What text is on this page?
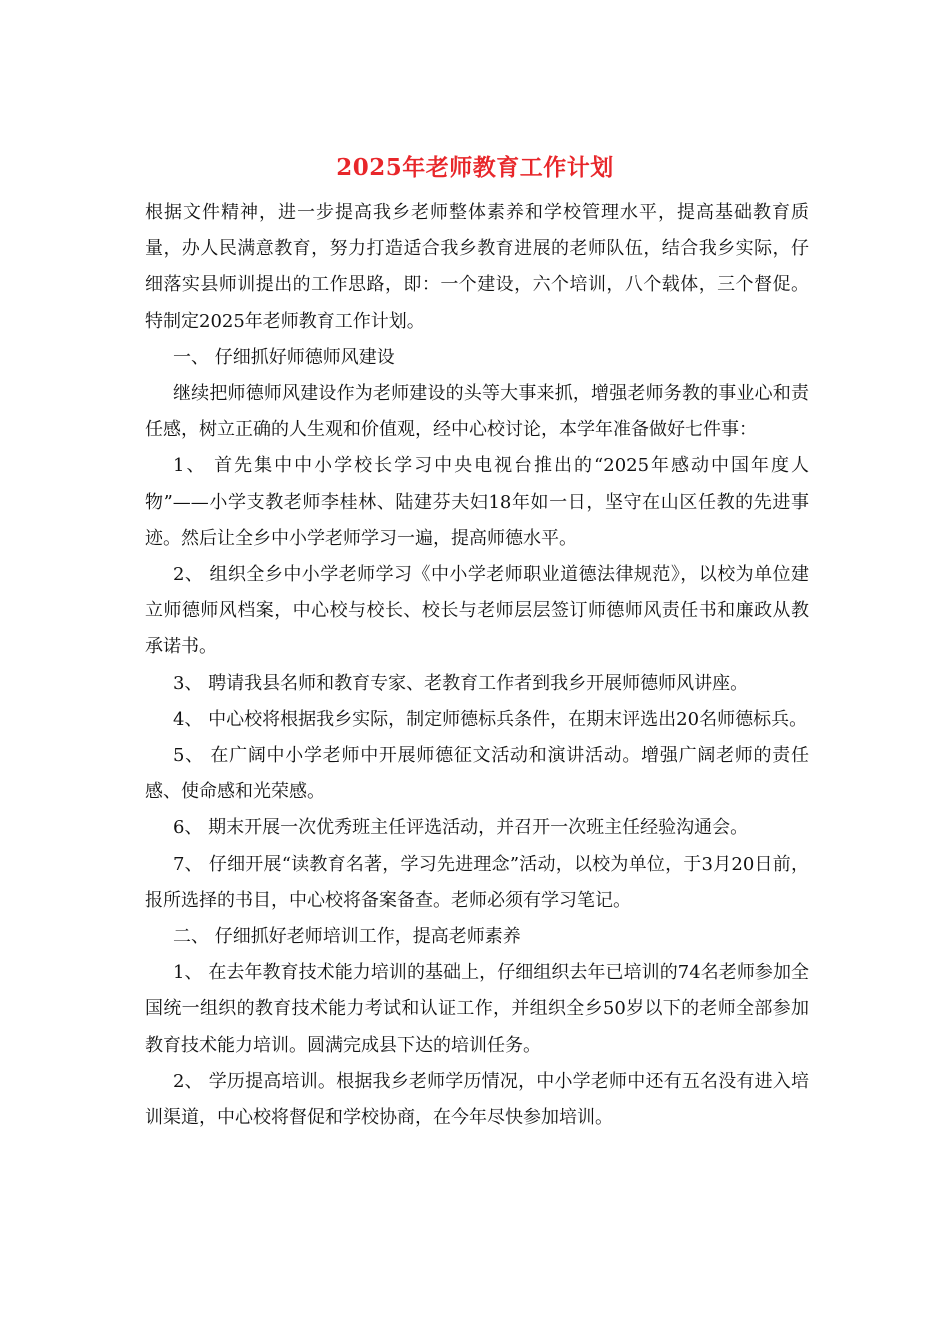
2025年老师教育工作计划

根据文件精神，进一步提高我乡老师整体素养和学校管理水平，提高基础教育质量，办人民满意教育，努力打造适合我乡教育进展的老师队伍，结合我乡实际，仔细落实县师训提出的工作思路，即：一个建设，六个培训，八个载体，三个督促。特制定2025年老师教育工作计划。

一、 仔细抓好师德师风建设

继续把师德师风建设作为老师建设的头等大事来抓，增强老师务教的事业心和责任感，树立正确的人生观和价值观，经中心校讨论，本学年准备做好七件事：

1、 首先集中中小学校长学习中央电视台推出的“2025年感动中国年度人物”——小学支教老师李桂林、陆建芬夫妇18年如一日，坚守在山区任教的先进事迹。然后让全乡中小学老师学习一遍，提高师德水平。

2、 组织全乡中小学老师学习《中小学老师职业道德法律规范》，以校为单位建立师德师风档案，中心校与校长、校长与老师层层签订师德师风责任书和廉政从教承诺书。

3、 聘请我县名师和教育专家、老教育工作者到我乡开展师德师风讲座。

4、 中心校将根据我乡实际，制定师德标兵条件，在期末评选出20名师德标兵。

5、 在广阔中小学老师中开展师德征文活动和演讲活动。增强广阔老师的责任感、使命感和光荣感。

6、 期末开展一次优秀班主任评选活动，并召开一次班主任经验沟通会。

7、 仔细开展“读教育名著，学习先进理念”活动，以校为单位，于3月20日前，报所选择的书目，中心校将备案备查。老师必须有学习笔记。

二、 仔细抓好老师培训工作，提高老师素养

1、 在去年教育技术能力培训的基础上，仔细组织去年已培训的74名老师参加全国统一组织的教育技术能力考试和认证工作，并组织全乡50岁以下的老师全部参加教育技术能力培训。圆满完成县下达的培训任务。

2、 学历提高培训。根据我乡老师学历情况，中小学老师中还有五名没有进入培训渠道，中心校将督促和学校协商，在今年尽快参加培训。
